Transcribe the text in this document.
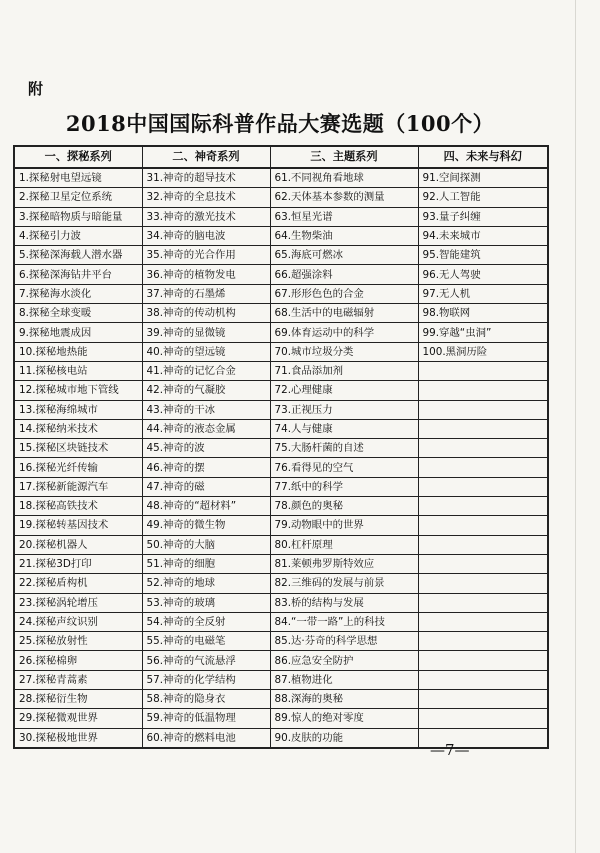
附
2018中国国际科普作品大赛选题（100个）
一、探秘系列	二、神奇系列	三、主题系列	四、未来与科幻
1.探秘射电望远镜	31.神奇的超导技术	61.不同视角看地球	91.空间探测
2.探秘卫星定位系统	32.神奇的全息技术	62.天体基本参数的测量	92.人工智能
3.探秘暗物质与暗能量	33.神奇的激光技术	63.恒星光谱	93.量子纠缠
4.探秘引力波	34.神奇的脑电波	64.生物柴油	94.未来城市
5.探秘深海载人潜水器	35.神奇的光合作用	65.海底可燃冰	95.智能建筑
6.探秘深海钻井平台	36.神奇的植物发电	66.超强涂料	96.无人驾驶
7.探秘海水淡化	37.神奇的石墨烯	67.形形色色的合金	97.无人机
8.探秘全球变暖	38.神奇的传动机构	68.生活中的电磁辐射	98.物联网
9.探秘地震成因	39.神奇的显微镜	69.体育运动中的科学	99.穿越“虫洞”
10.探秘地热能	40.神奇的望远镜	70.城市垃圾分类	100.黑洞历险
11.探秘核电站	41.神奇的记忆合金	71.食品添加剂	
12.探秘城市地下管线	42.神奇的气凝胶	72.心理健康	
13.探秘海绵城市	43.神奇的干冰	73.正视压力	
14.探秘纳米技术	44.神奇的液态金属	74.人与健康	
15.探秘区块链技术	45.神奇的波	75.大肠杆菌的自述	
16.探秘光纤传输	46.神奇的摆	76.看得见的空气	
17.探秘新能源汽车	47.神奇的磁	77.纸中的科学	
18.探秘高铁技术	48.神奇的“超材料”	78.颜色的奥秘	
19.探秘转基因技术	49.神奇的微生物	79.动物眼中的世界	
20.探秘机器人	50.神奇的大脑	80.杠杆原理	
21.探秘3D打印	51.神奇的细胞	81.莱顿弗罗斯特效应	
22.探秘盾构机	52.神奇的地球	82.三维码的发展与前景	
23.探秘涡轮增压	53.神奇的玻璃	83.桥的结构与发展	
24.探秘声纹识别	54.神奇的全反射	84.“一带一路”上的科技	
25.探秘放射性	55.神奇的电磁笔	85.达·芬奇的科学思想	
26.探秘棉卵	56.神奇的气流悬浮	86.应急安全防护	
27.探秘青蒿素	57.神奇的化学结构	87.植物进化	
28.探秘衍生物	58.神奇的隐身衣	88.深海的奥秘	
29.探秘微观世界	59.神奇的低温物理	89.惊人的绝对零度	
30.探秘极地世界	60.神奇的燃料电池	90.皮肤的功能	
—7—
